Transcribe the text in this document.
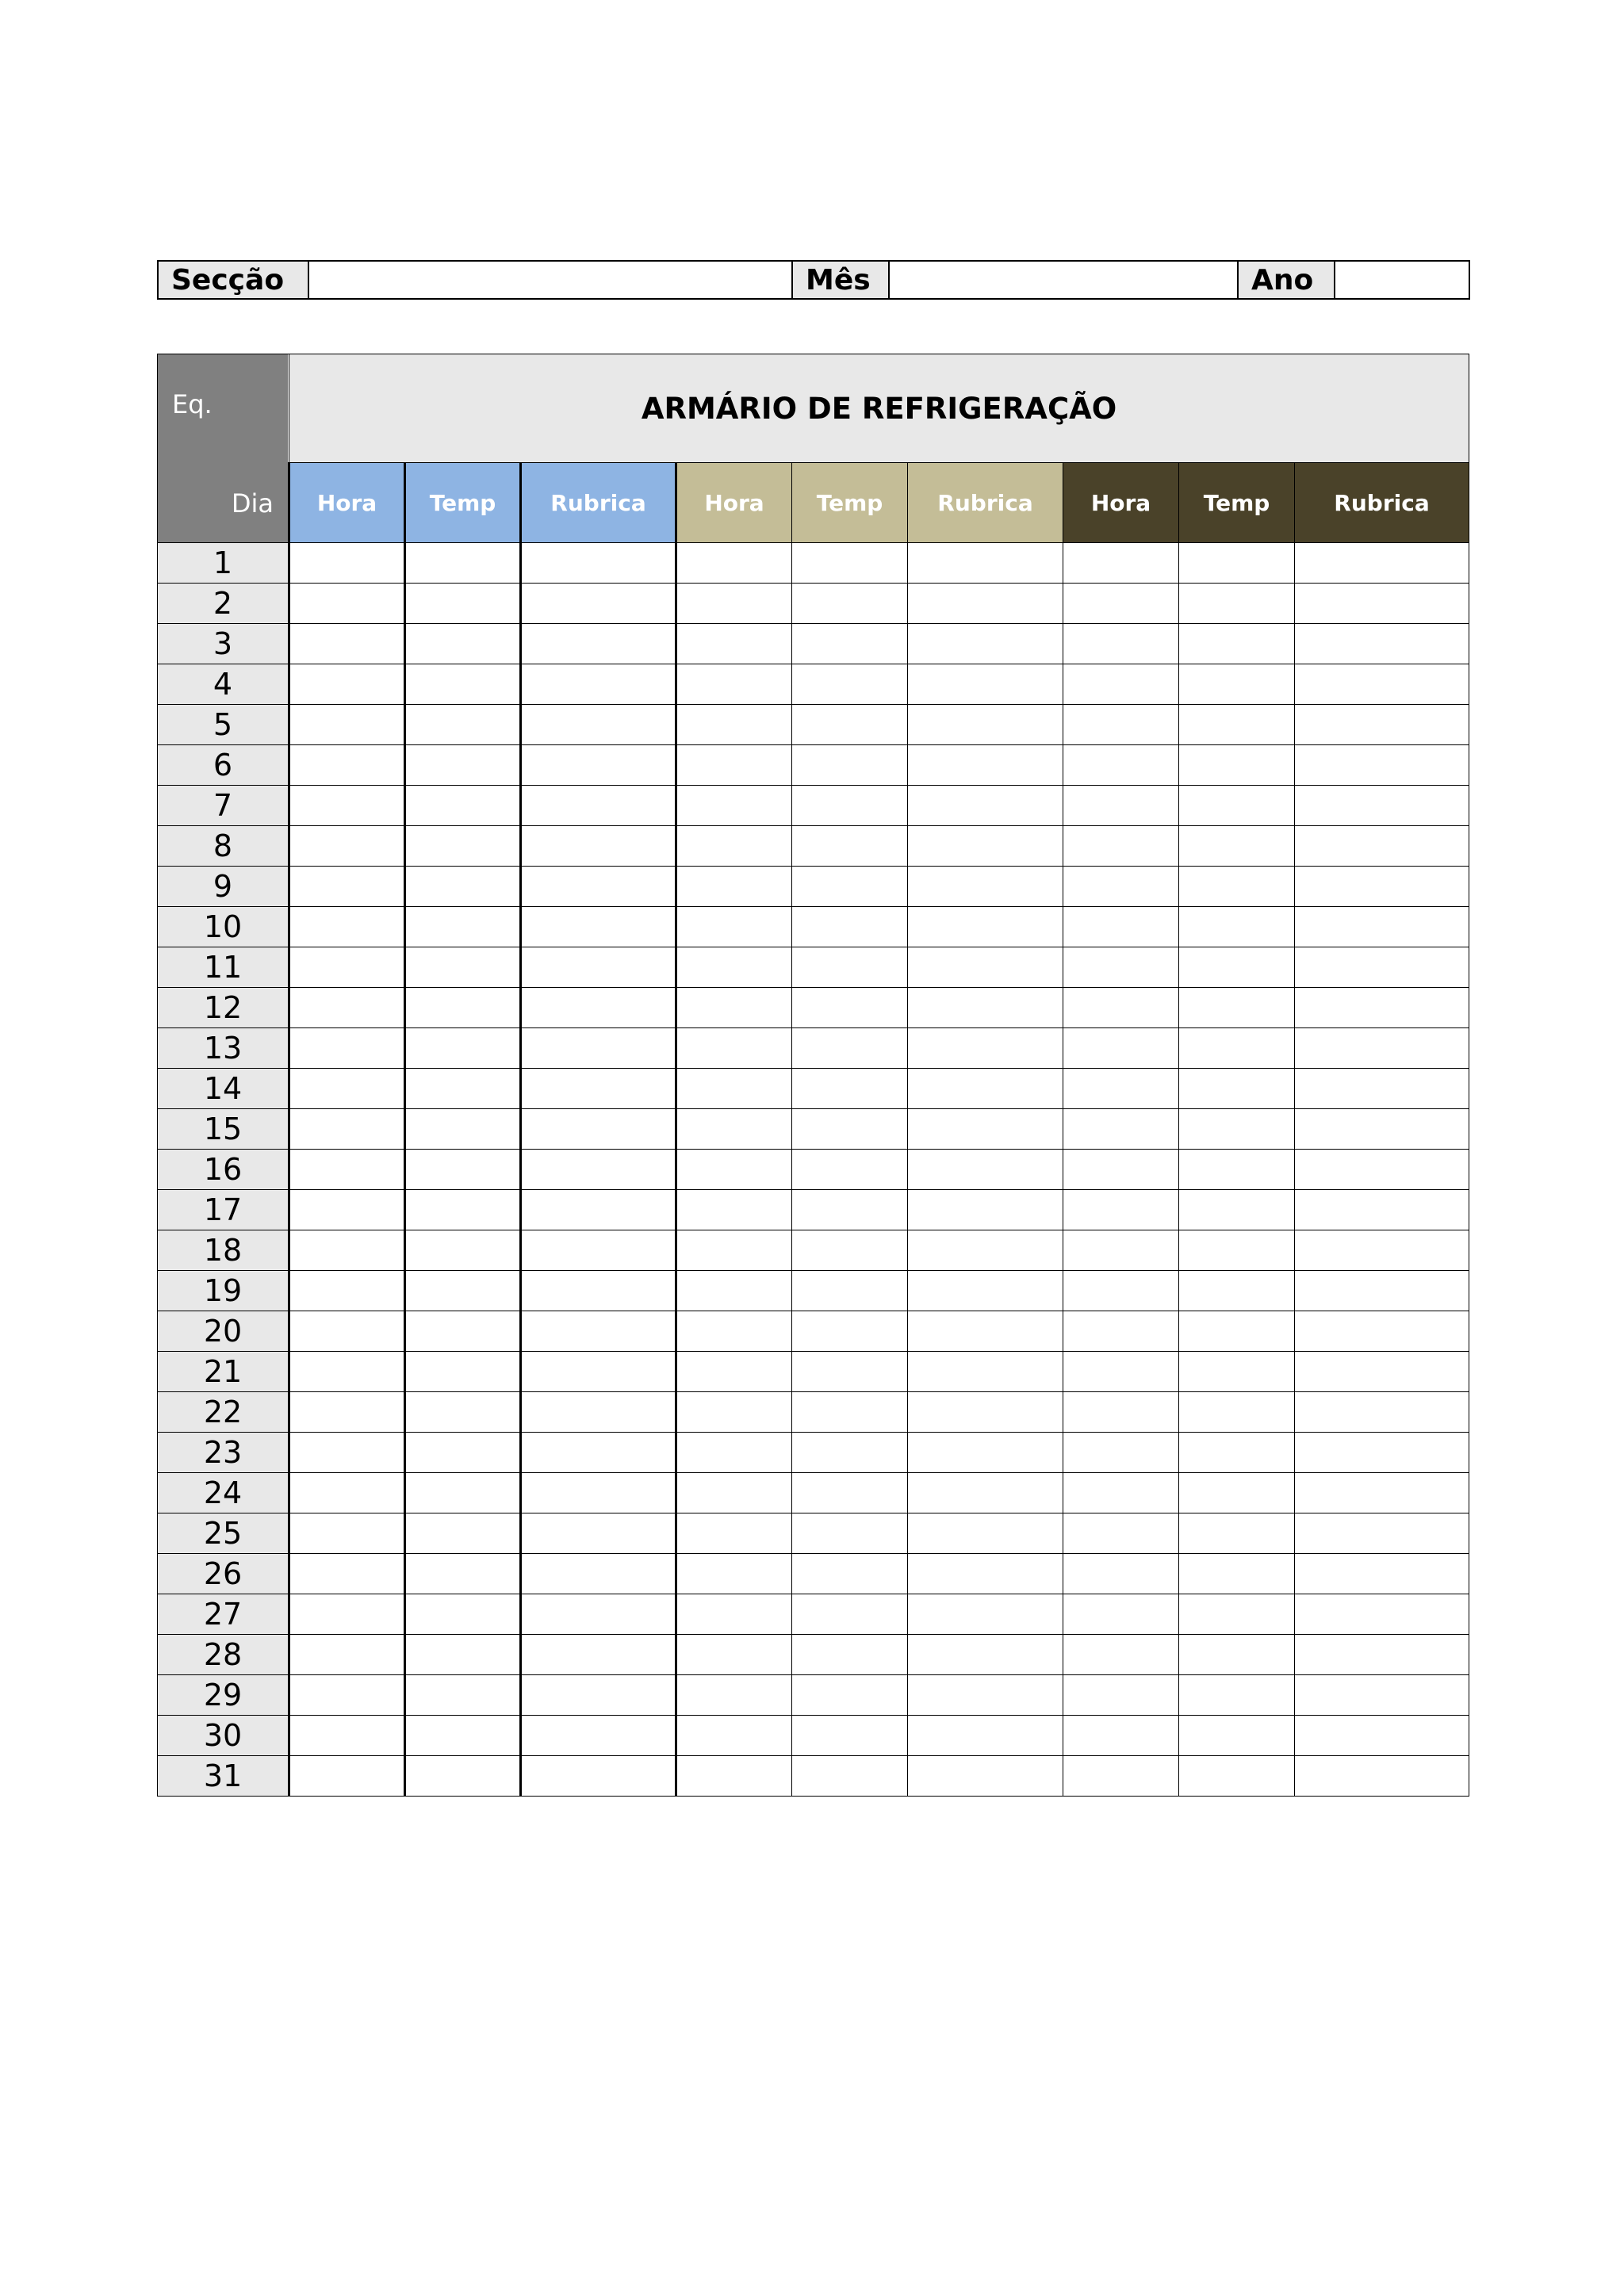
Secção		Mês		Ano	
Eq.
Dia	ARMÁRIO DE REFRIGERAÇÃO								
	Hora	Temp	Rubrica	Hora	Temp	Rubrica	Hora	Temp	Rubrica
1									
2									
3									
4									
5									
6									
7									
8									
9									
10									
11									
12									
13									
14									
15									
16									
17									
18									
19									
20									
21									
22									
23									
24									
25									
26									
27									
28									
29									
30									
31									
